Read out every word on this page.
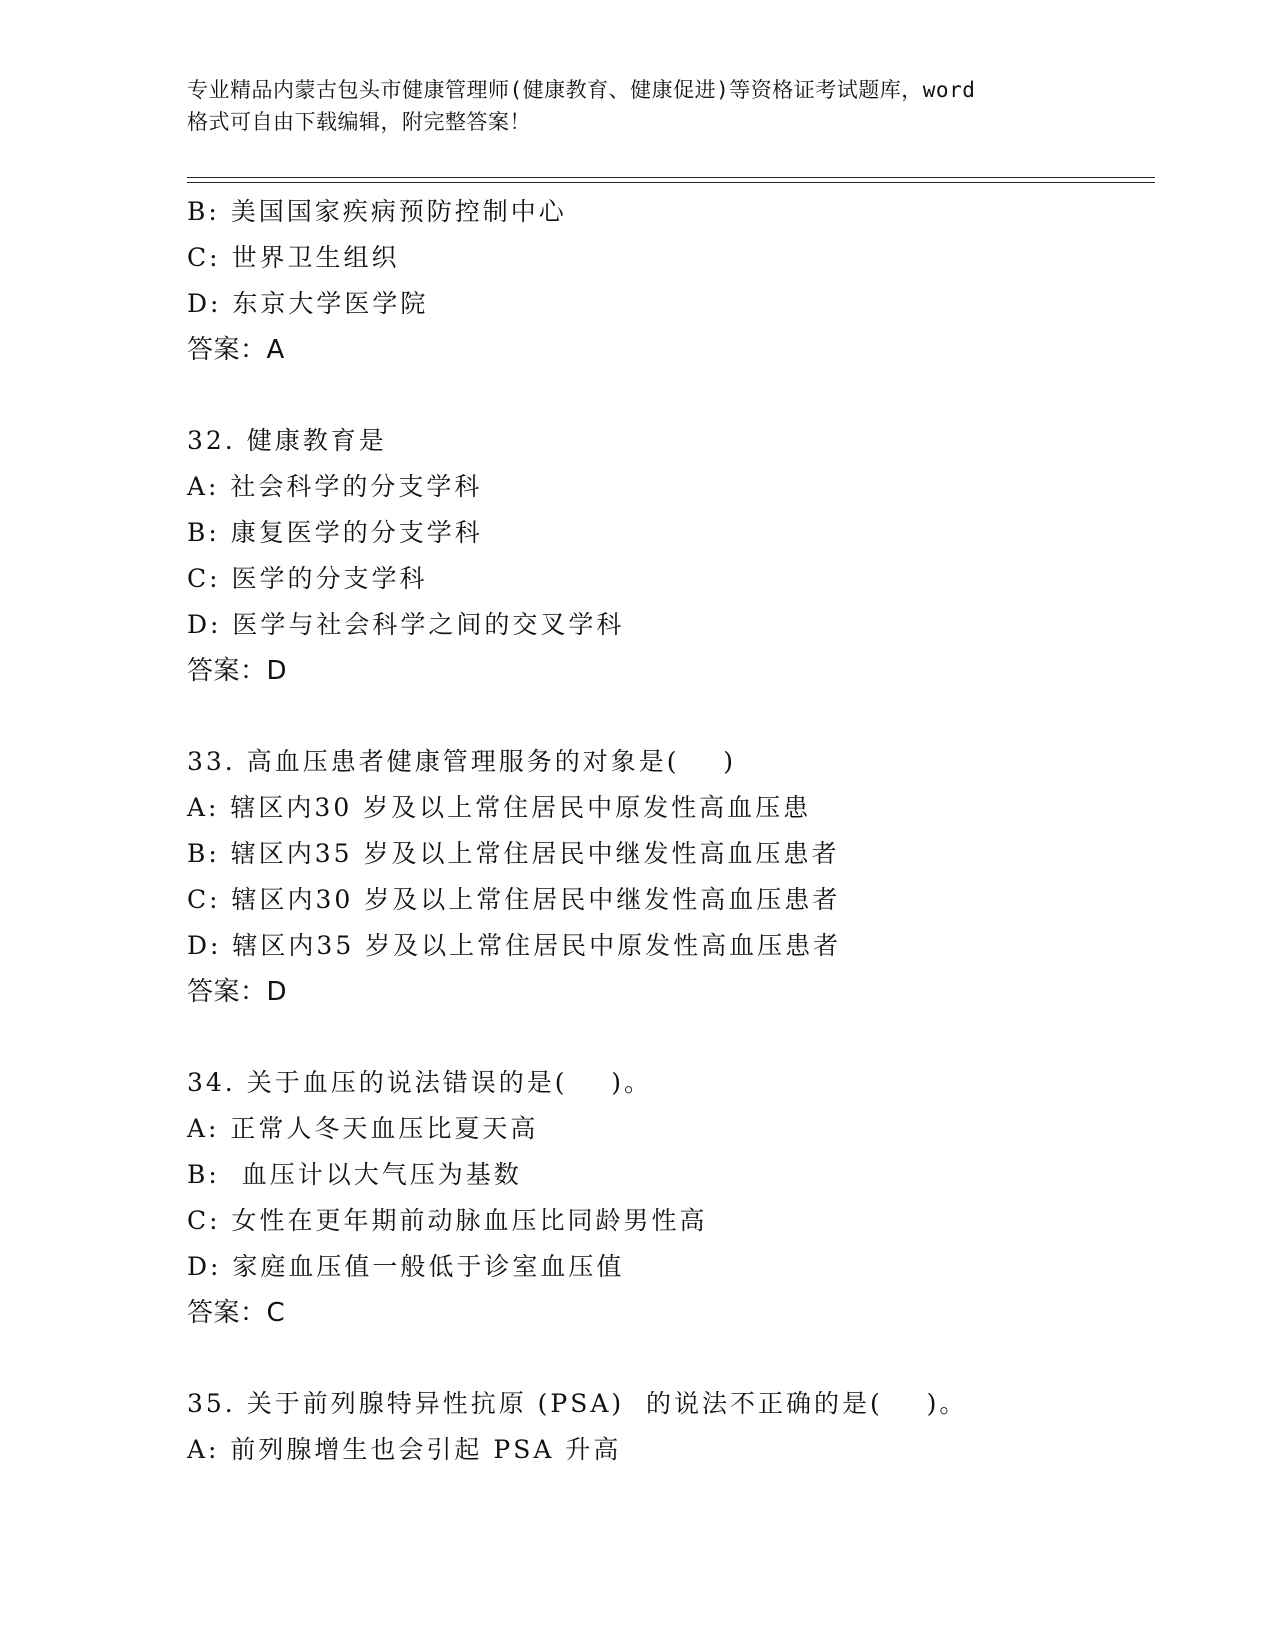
专业精品内蒙古包头市健康管理师(健康教育、健康促进)等资格证考试题库，word
格式可自由下载编辑，附完整答案！
B: 美国国家疾病预防控制中心
C: 世界卫生组织
D: 东京大学医学院
答案：A
32. 健康教育是
A: 社会科学的分支学科
B: 康复医学的分支学科
C: 医学的分支学科
D: 医学与社会科学之间的交叉学科
答案：D
33. 高血压患者健康管理服务的对象是(    )
A: 辖区内30 岁及以上常住居民中原发性高血压患
B: 辖区内35 岁及以上常住居民中继发性高血压患者
C: 辖区内30 岁及以上常住居民中继发性高血压患者
D: 辖区内35 岁及以上常住居民中原发性高血压患者
答案：D
34. 关于血压的说法错误的是(    )。
A: 正常人冬天血压比夏天高
B:  血压计以大气压为基数
C: 女性在更年期前动脉血压比同龄男性高
D: 家庭血压值一般低于诊室血压值
答案：C
35. 关于前列腺特异性抗原 (PSA)  的说法不正确的是(    )。
A: 前列腺增生也会引起 PSA 升高
